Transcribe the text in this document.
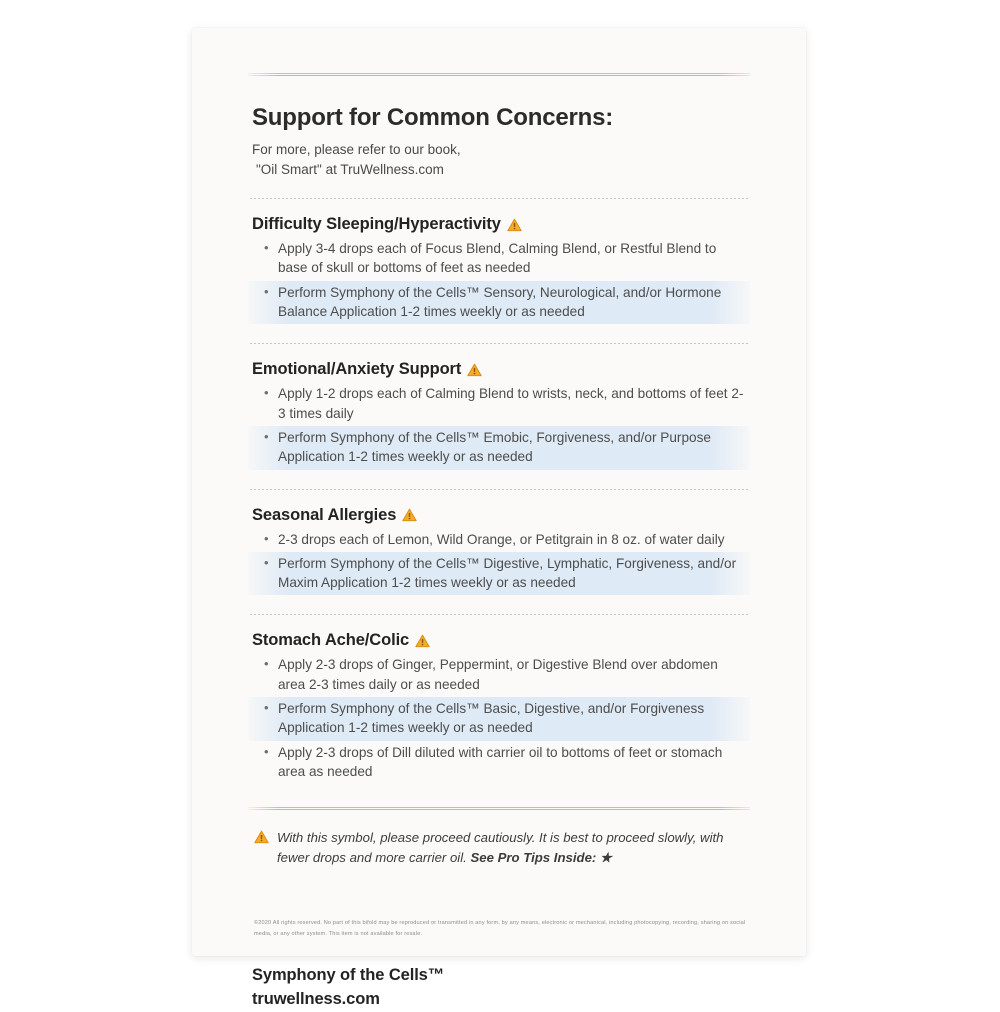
Support for Common Concerns:
For more, please refer to our book,
"Oil Smart" at TruWellness.com
Difficulty Sleeping/Hyperactivity
• Apply 3-4 drops each of Focus Blend, Calming Blend, or Restful Blend to base of skull or bottoms of feet as needed
• Perform Symphony of the Cells™ Sensory, Neurological, and/or Hormone Balance Application 1-2 times weekly or as needed
Emotional/Anxiety Support
• Apply 1-2 drops each of Calming Blend to wrists, neck, and bottoms of feet 2-3 times daily
• Perform Symphony of the Cells™ Emobic, Forgiveness, and/or Purpose Application 1-2 times weekly or as needed
Seasonal Allergies
• 2-3 drops each of Lemon, Wild Orange, or Petitgrain in 8 oz. of water daily
• Perform Symphony of the Cells™ Digestive, Lymphatic, Forgiveness, and/or Maxim Application 1-2 times weekly or as needed
Stomach Ache/Colic
• Apply 2-3 drops of Ginger, Peppermint, or Digestive Blend over abdomen area 2-3 times daily or as needed
• Perform Symphony of the Cells™ Basic, Digestive, and/or Forgiveness Application 1-2 times weekly or as needed
• Apply 2-3 drops of Dill diluted with carrier oil to bottoms of feet or stomach area as needed
With this symbol, please proceed cautiously. It is best to proceed slowly, with fewer drops and more carrier oil. See Pro Tips Inside: ★
©2020 All rights reserved. No part of this bifold may be reproduced or transmitted in any form, by any means, electronic or mechanical, including photocopying, recording, sharing on social media, or any other system. This item is not available for resale.
Symphony of the Cells™
truwellness.com
